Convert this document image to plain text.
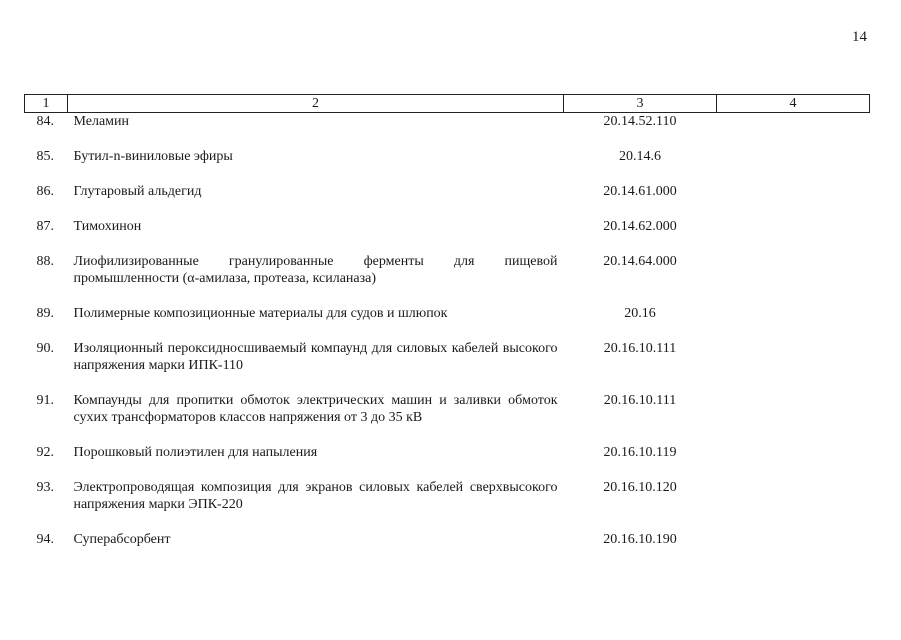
14
1	2	3	4
84.	Меламин	20.14.52.110	
85.	Бутил-n-виниловые эфиры	20.14.6	
86.	Глутаровый альдегид	20.14.61.000	
87.	Тимохинон	20.14.62.000	
88.	Лиофилизированные гранулированные ферменты для пищевой промышленности (α-амилаза, протеаза, ксиланаза)	20.14.64.000	
89.	Полимерные композиционные материалы для судов и шлюпок	20.16	
90.	Изоляционный пероксидносшиваемый компаунд для силовых кабелей высокого напряжения марки ИПК-110	20.16.10.111	
91.	Компаунды для пропитки обмоток электрических машин и заливки обмоток сухих трансформаторов классов напряжения от 3 до 35 кВ	20.16.10.111	
92.	Порошковый полиэтилен для напыления	20.16.10.119	
93.	Электропроводящая композиция для экранов силовых кабелей сверхвысокого напряжения марки ЭПК-220	20.16.10.120	
94.	Суперабсорбент	20.16.10.190	
